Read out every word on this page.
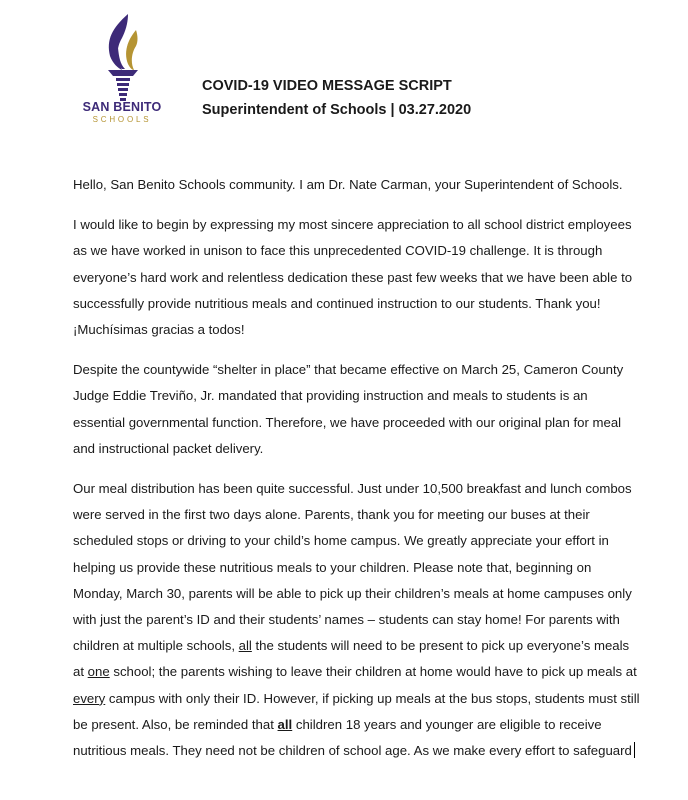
SAN BENITO
SCHOOLS
COVID-19 VIDEO MESSAGE SCRIPT
Superintendent of Schools | 03.27.2020

Hello, San Benito Schools community. I am Dr. Nate Carman, your Superintendent of Schools.

I would like to begin by expressing my most sincere appreciation to all school district employees as we have worked in unison to face this unprecedented COVID-19 challenge. It is through everyone’s hard work and relentless dedication these past few weeks that we have been able to successfully provide nutritious meals and continued instruction to our students. Thank you! ¡Muchísimas gracias a todos!

Despite the countywide “shelter in place” that became effective on March 25, Cameron County Judge Eddie Treviño, Jr. mandated that providing instruction and meals to students is an essential governmental function. Therefore, we have proceeded with our original plan for meal and instructional packet delivery.

Our meal distribution has been quite successful. Just under 10,500 breakfast and lunch combos were served in the first two days alone. Parents, thank you for meeting our buses at their scheduled stops or driving to your child’s home campus. We greatly appreciate your effort in helping us provide these nutritious meals to your children. Please note that, beginning on Monday, March 30, parents will be able to pick up their children’s meals at home campuses only with just the parent’s ID and their students’ names – students can stay home! For parents with children at multiple schools, all the students will need to be present to pick up everyone’s meals at one school; the parents wishing to leave their children at home would have to pick up meals at every campus with only their ID. However, if picking up meals at the bus stops, students must still be present. Also, be reminded that all children 18 years and younger are eligible to receive nutritious meals. They need not be children of school age. As we make every effort to safeguard
